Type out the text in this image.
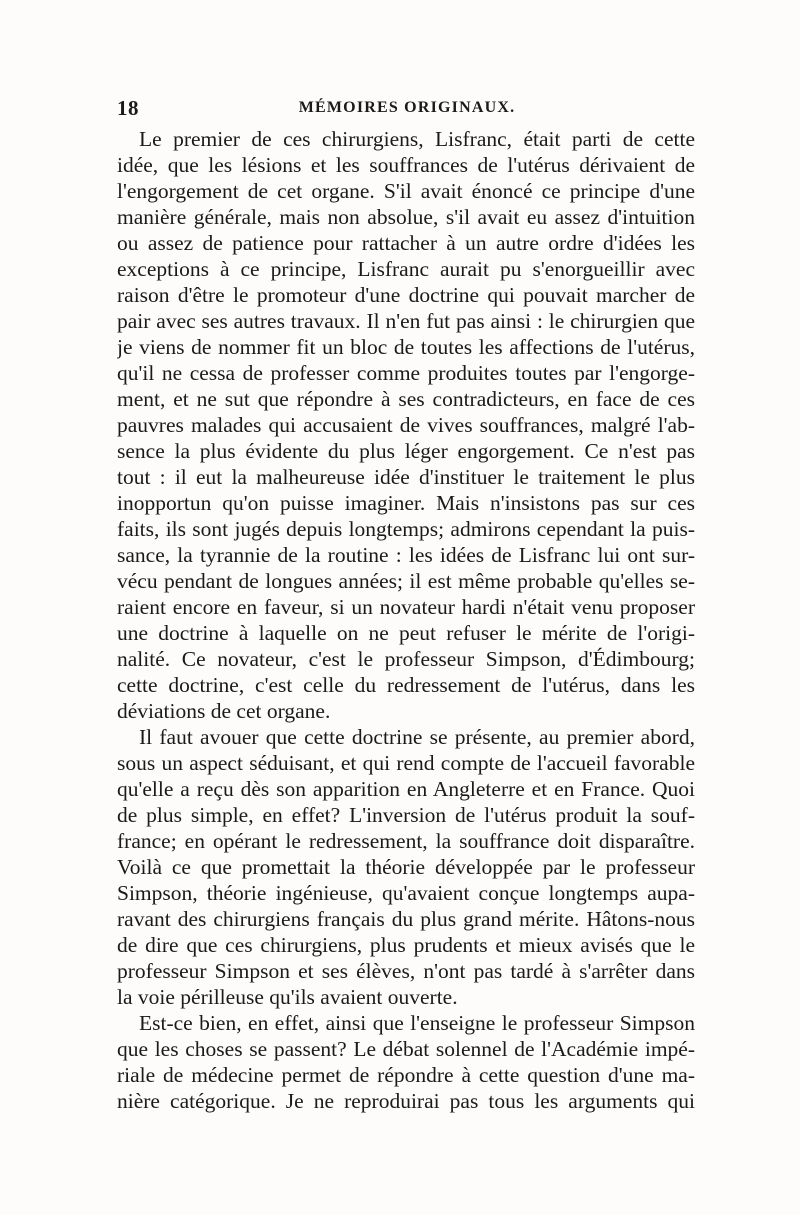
18	MÉMOIRES ORIGINAUX.
Le premier de ces chirurgiens, Lisfranc, était parti de cette
idée, que les lésions et les souffrances de l'utérus dérivaient de
l'engorgement de cet organe. S'il avait énoncé ce principe d'une
manière générale, mais non absolue, s'il avait eu assez d'intuition
ou assez de patience pour rattacher à un autre ordre d'idées les
exceptions à ce principe, Lisfranc aurait pu s'enorgueillir avec
raison d'être le promoteur d'une doctrine qui pouvait marcher de
pair avec ses autres travaux. Il n'en fut pas ainsi : le chirurgien que
je viens de nommer fit un bloc de toutes les affections de l'utérus,
qu'il ne cessa de professer comme produites toutes par l'engorge-
ment, et ne sut que répondre à ses contradicteurs, en face de ces
pauvres malades qui accusaient de vives souffrances, malgré l'ab-
sence la plus évidente du plus léger engorgement. Ce n'est pas
tout : il eut la malheureuse idée d'instituer le traitement le plus
inopportun qu'on puisse imaginer. Mais n'insistons pas sur ces
faits, ils sont jugés depuis longtemps; admirons cependant la puis-
sance, la tyrannie de la routine : les idées de Lisfranc lui ont sur-
vécu pendant de longues années; il est même probable qu'elles se-
raient encore en faveur, si un novateur hardi n'était venu proposer
une doctrine à laquelle on ne peut refuser le mérite de l'origi-
nalité. Ce novateur, c'est le professeur Simpson, d'Édimbourg;
cette doctrine, c'est celle du redressement de l'utérus, dans les
déviations de cet organe.
Il faut avouer que cette doctrine se présente, au premier abord,
sous un aspect séduisant, et qui rend compte de l'accueil favorable
qu'elle a reçu dès son apparition en Angleterre et en France. Quoi
de plus simple, en effet? L'inversion de l'utérus produit la souf-
france; en opérant le redressement, la souffrance doit disparaître.
Voilà ce que promettait la théorie développée par le professeur
Simpson, théorie ingénieuse, qu'avaient conçue longtemps aupa-
ravant des chirurgiens français du plus grand mérite. Hâtons-nous
de dire que ces chirurgiens, plus prudents et mieux avisés que le
professeur Simpson et ses élèves, n'ont pas tardé à s'arrêter dans
la voie périlleuse qu'ils avaient ouverte.
Est-ce bien, en effet, ainsi que l'enseigne le professeur Simpson
que les choses se passent? Le débat solennel de l'Académie impé-
riale de médecine permet de répondre à cette question d'une ma-
nière catégorique. Je ne reproduirai pas tous les arguments qui
